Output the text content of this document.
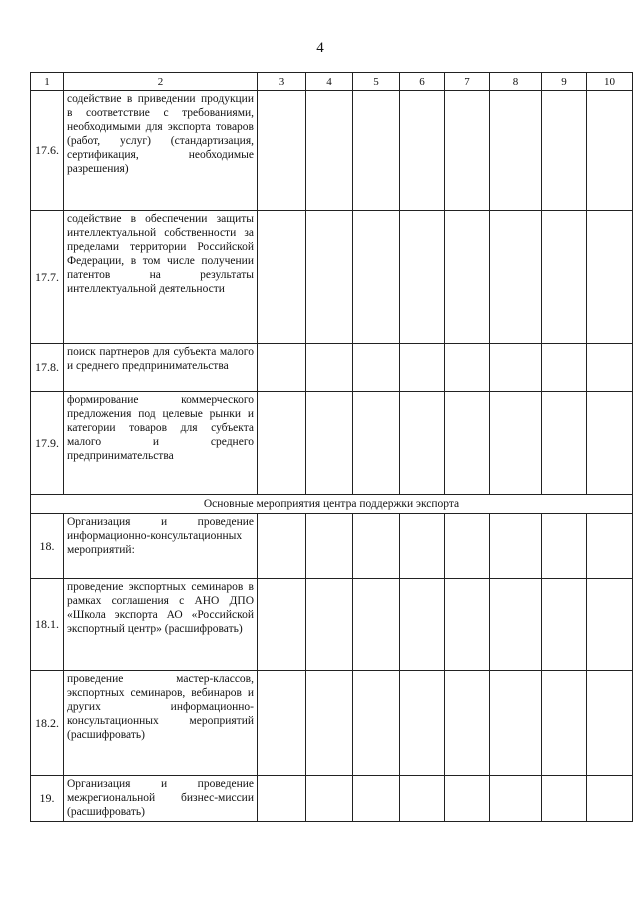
4
1	2	3	4	5	6	7	8	9	10
17.6.	содействие в приведении продукции в соответствие с требованиями, необходимыми для экспорта товаров (работ, услуг) (стандартизация, сертификация, необходимые разрешения)								
17.7.	содействие в обеспечении защиты интеллектуальной собственности за пределами территории Российской Федерации, в том числе получении патентов на результаты интеллектуальной деятельности								
17.8.	поиск партнеров для субъекта малого и среднего предпринимательства								
17.9.	формирование коммерческого предложения под целевые рынки и категории товаров для субъекта малого и среднего предпринимательства								
Основные мероприятия центра поддержки экспорта									
18.	Организация и проведение информационно-консультационных мероприятий:								
18.1.	проведение экспортных семинаров в рамках соглашения с АНО ДПО «Школа экспорта АО «Российской экспортный центр» (расшифровать)								
18.2.	проведение мастер-классов, экспортных семинаров, вебинаров и других информационно-консультационных мероприятий (расшифровать)								
19.	Организация и проведение межрегиональной бизнес-миссии (расшифровать)								
